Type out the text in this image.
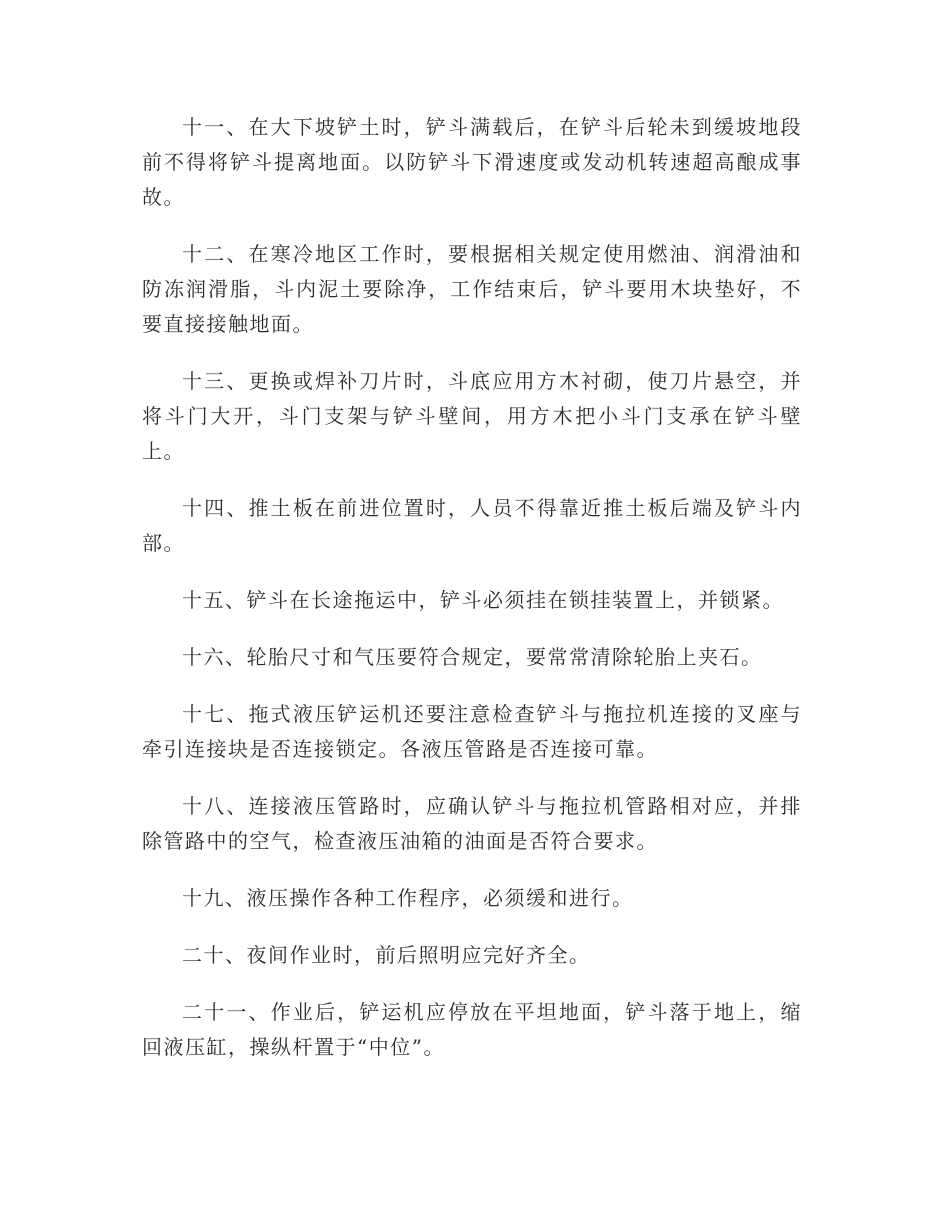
十一、在大下坡铲土时，铲斗满载后，在铲斗后轮未到缓坡地段前不得将铲斗提离地面。以防铲斗下滑速度或发动机转速超高酿成事故。

十二、在寒冷地区工作时，要根据相关规定使用燃油、润滑油和防冻润滑脂，斗内泥土要除净，工作结束后，铲斗要用木块垫好，不要直接接触地面。

十三、更换或焊补刀片时，斗底应用方木衬砌，使刀片悬空，并将斗门大开，斗门支架与铲斗壁间，用方木把小斗门支承在铲斗壁上。

十四、推土板在前进位置时，人员不得靠近推土板后端及铲斗内部。

十五、铲斗在长途拖运中，铲斗必须挂在锁挂装置上，并锁紧。

十六、轮胎尺寸和气压要符合规定，要常常清除轮胎上夹石。

十七、拖式液压铲运机还要注意检查铲斗与拖拉机连接的叉座与牵引连接块是否连接锁定。各液压管路是否连接可靠。

十八、连接液压管路时，应确认铲斗与拖拉机管路相对应，并排除管路中的空气，检查液压油箱的油面是否符合要求。

十九、液压操作各种工作程序，必须缓和进行。

二十、夜间作业时，前后照明应完好齐全。

二十一、作业后，铲运机应停放在平坦地面，铲斗落于地上，缩回液压缸，操纵杆置于“中位”。
